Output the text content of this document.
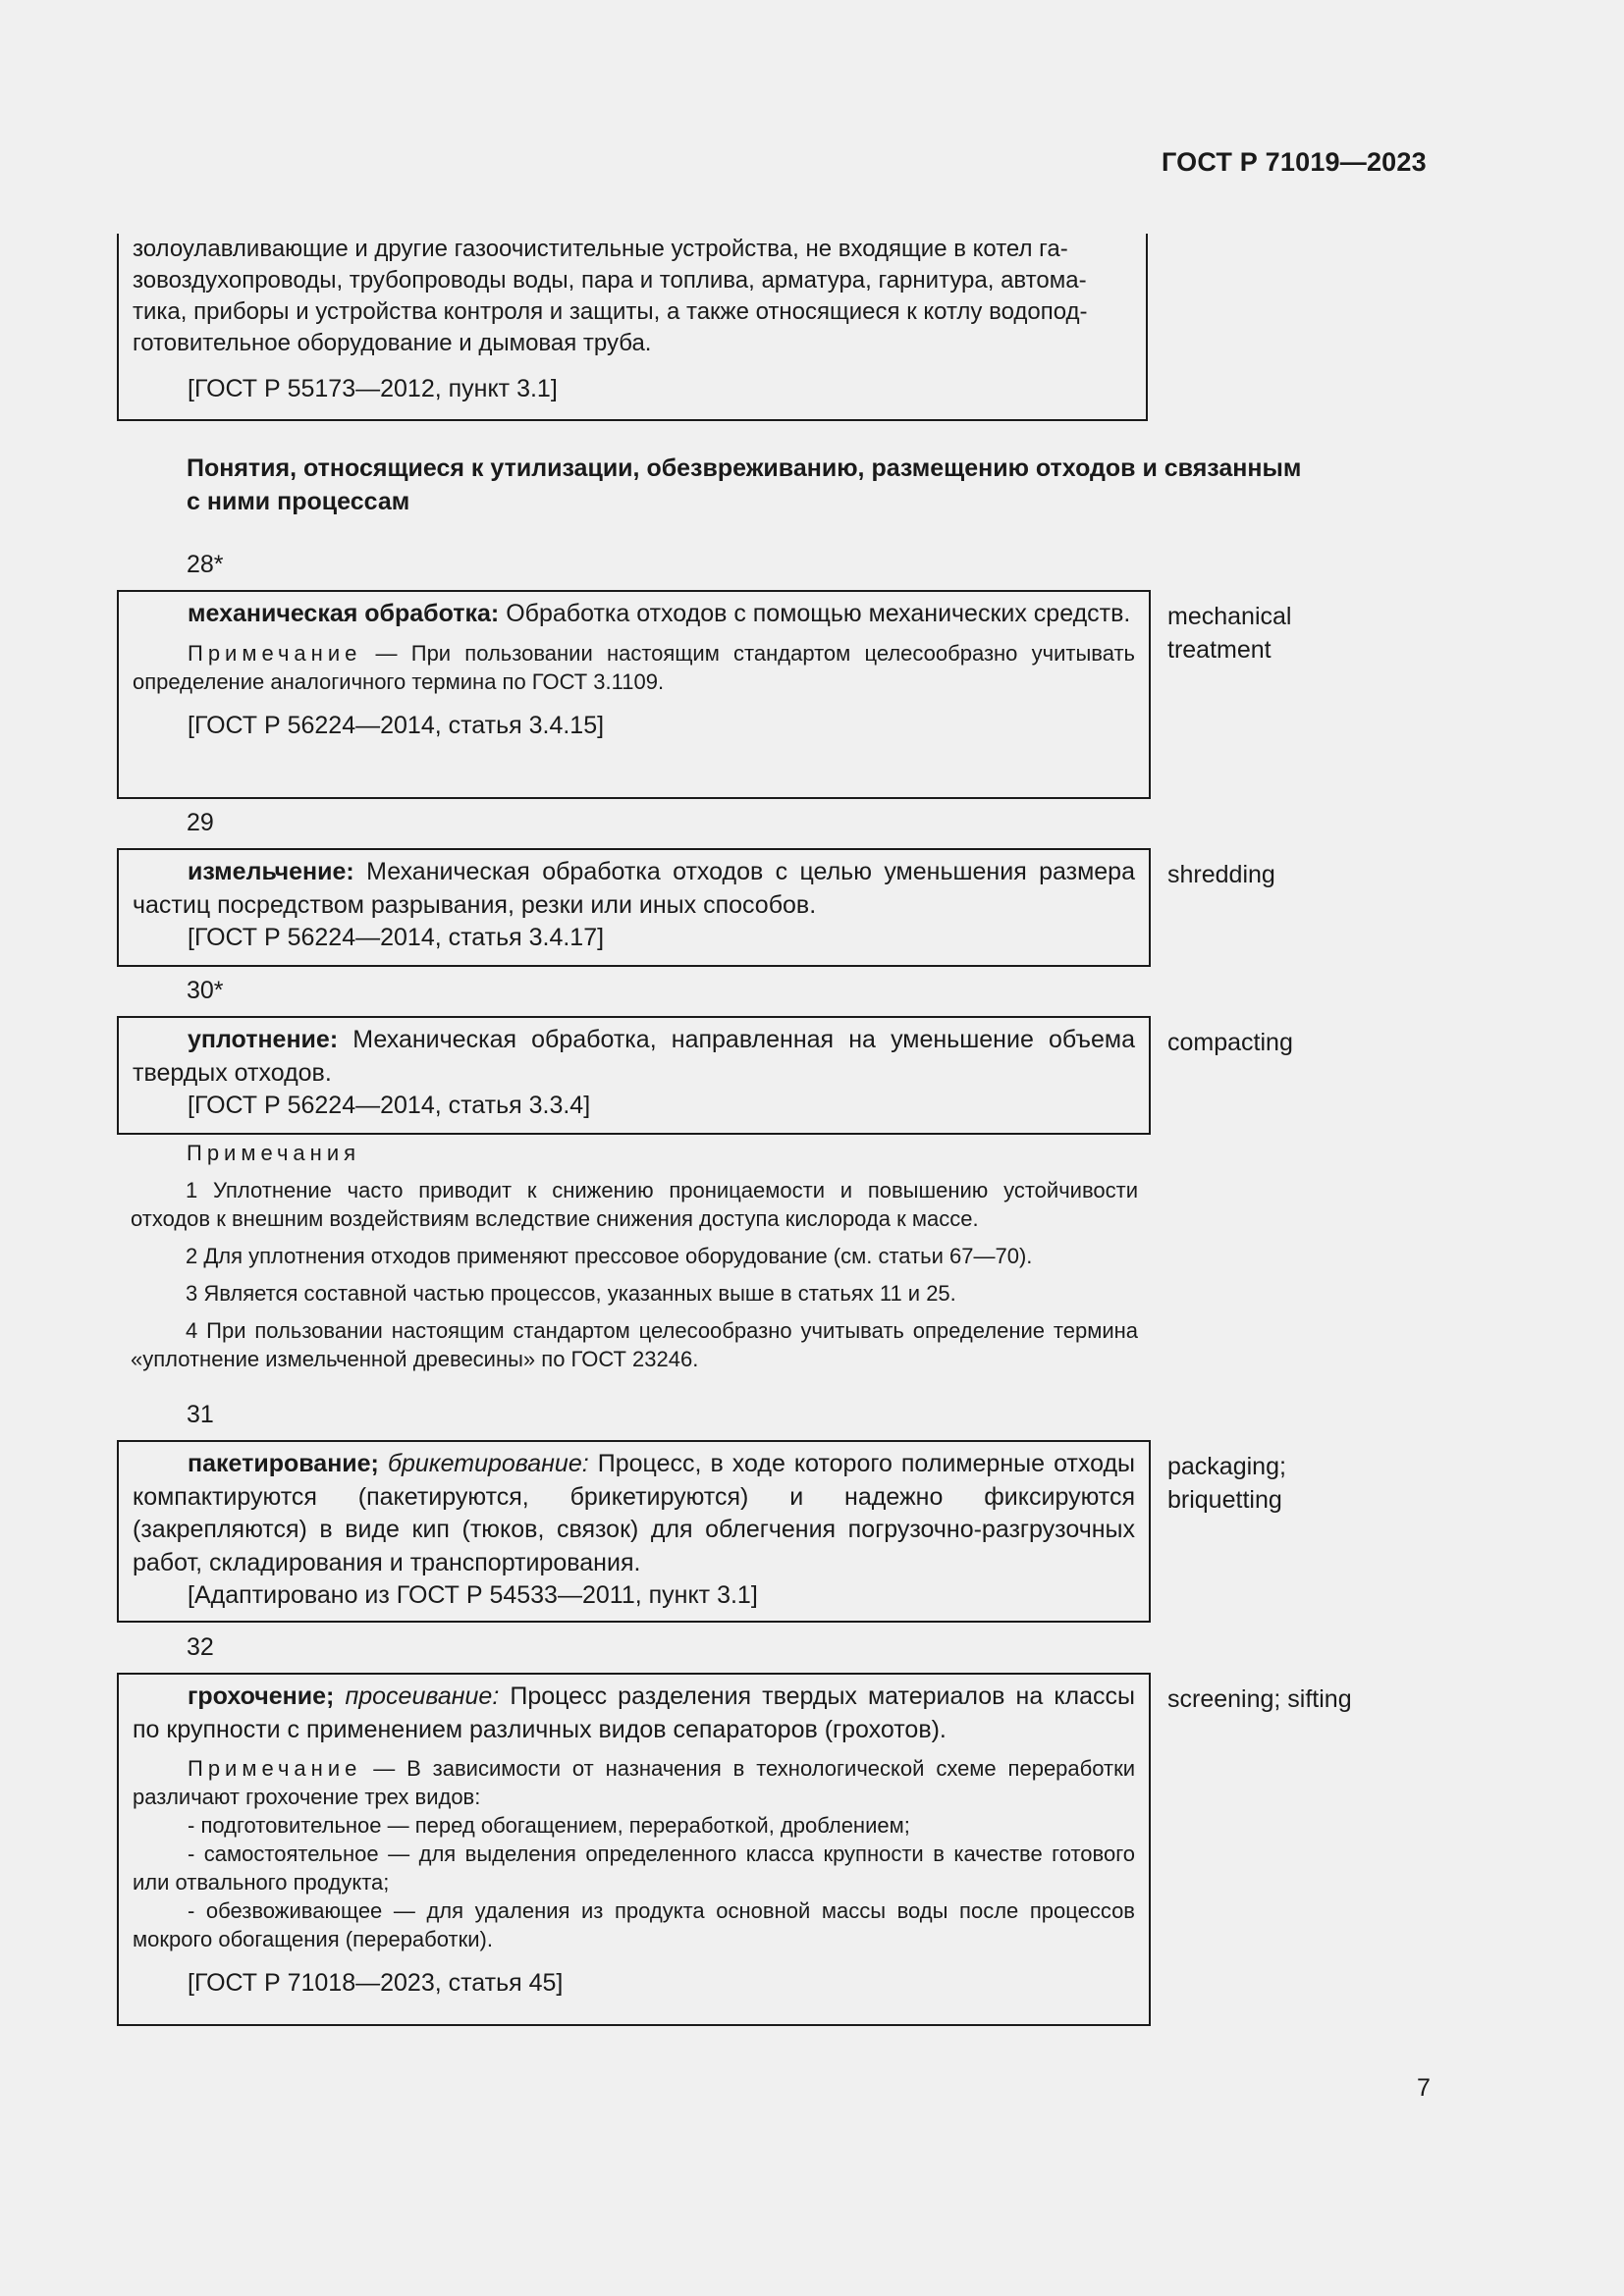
ГОСТ Р 71019—2023
золоулавливающие и другие газоочистительные устройства, не входящие в котел га-
зовоздухопроводы, трубопроводы воды, пара и топлива, арматура, гарнитура, автома-
тика, приборы и устройства контроля и защиты, а также относящиеся к котлу водопод-
готовительное оборудование и дымовая труба.
[ГОСТ Р 55173—2012, пункт 3.1]
Понятия, относящиеся к утилизации, обезвреживанию, размещению отходов и связанным
с ними процессам
28*
механическая обработка: Обработка отходов с помощью механических средств.
Примечание — При пользовании настоящим стандартом целесообразно учитывать определение аналогичного термина по ГОСТ 3.1109.
[ГОСТ Р 56224—2014, статья 3.4.15]
mechanical
treatment
29
измельчение: Механическая обработка отходов с целью уменьшения размера частиц посредством разрывания, резки или иных способов.
[ГОСТ Р 56224—2014, статья 3.4.17]
shredding
30*
уплотнение: Механическая обработка, направленная на уменьшение объема твердых отходов.
[ГОСТ Р 56224—2014, статья 3.3.4]
compacting

Примечания

1 Уплотнение часто приводит к снижению проницаемости и повышению устойчивости отходов к внешним воздействиям вследствие снижения доступа кислорода к массе.

2 Для уплотнения отходов применяют прессовое оборудование (см. статьи 67—70).

3 Является составной частью процессов, указанных выше в статьях 11 и 25.

4 При пользовании настоящим стандартом целесообразно учитывать определение термина «уплотнение измельченной древесины» по ГОСТ 23246.

31
пакетирование; брикетирование: Процесс, в ходе которого полимерные отходы компактируются (пакетируются, брикетируются) и надежно фиксируются (закрепляются) в виде кип (тюков, связок) для облегчения погрузочно-разгрузочных работ, складирования и транспортирования.
[Адаптировано из ГОСТ Р 54533—2011, пункт 3.1]
packaging;
briquetting
32
грохочение; просеивание: Процесс разделения твердых материалов на классы по крупности с применением различных видов сепараторов (грохотов).
Примечание — В зависимости от назначения в технологической схеме переработки различают грохочение трех видов:
- подготовительное — перед обогащением, переработкой, дроблением;
- самостоятельное — для выделения определенного класса крупности в качестве готового или отвального продукта;
- обезвоживающее — для удаления из продукта основной массы воды после процессов мокрого обогащения (переработки).
[ГОСТ Р 71018—2023, статья 45]
screening; sifting
7
